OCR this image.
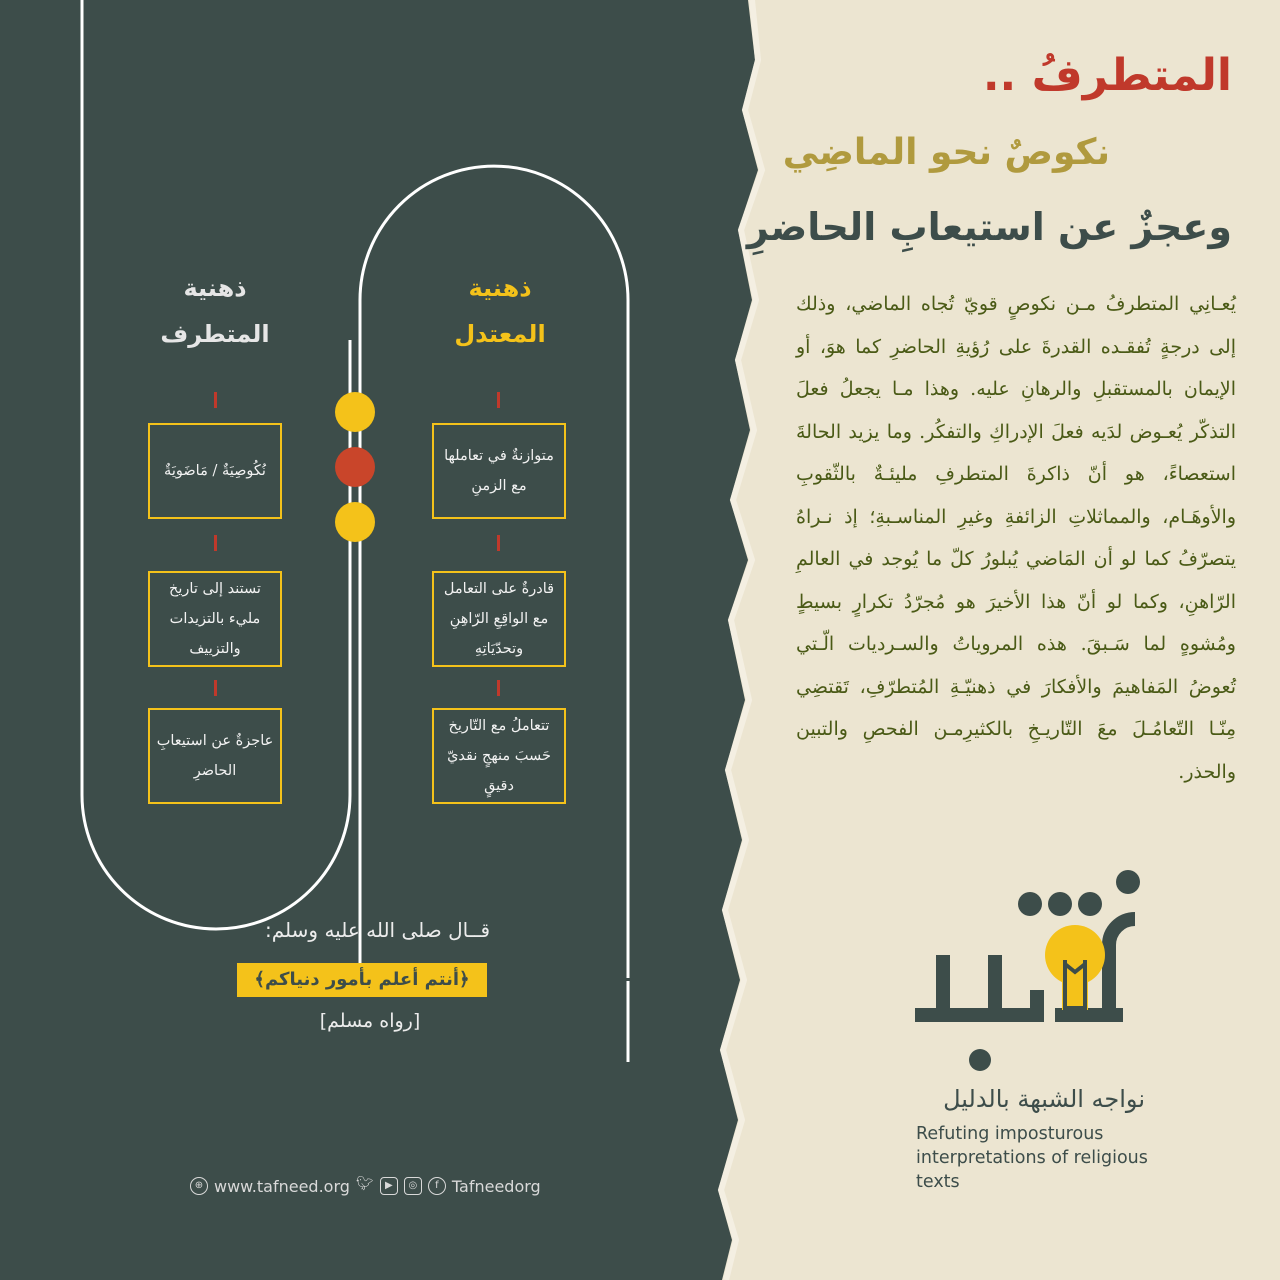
المتطرفُ ..
نكوصٌ نحو الماضِي
وعجزٌ عن استيعابِ الحاضرِ
يُعـانِي المتطرفُ مـن نكوصٍ قويّ تُجاه الماضي، وذلك إلى درجةٍ تُفقـده القدرةَ على رُؤيةِ الحاضرِ كما هوَ، أو الإيمان بالمستقبلِ والرهانِ عليه. وهذا مـا يجعلُ فعلَ التذكّر يُعـوض لدَيه فعلَ الإدراكِ والتفكُر. وما يزيد الحالةَ استعصاءً، هو أنّ ذاكرةَ المتطرفِ مليئـةٌ بالثّقوبِ والأوهَـام، والمماثلاتِ الزائفةِ وغيرِ المناسـبةِ؛ إذ نـراهُ يتصرّفُ كما لو أن المَاضي يُبلورُ كلّ ما يُوجد في العالمِ الرّاهنِ، وكما لو أنّ هذا الأخيرَ هو مُجرّدُ تكرارٍ بسيطٍ ومُشوهٍ لما سَـبقَ. هذه المروياتُ والسـرديات الّـتي تُعوضُ المَفاهيمَ والأفكارَ في ذهنيّـةِ المُتطرّفِ، تَقتضِي مِنّـا التّعامُـلَ معَ التّاريـخِ بالكثيرِمـن الفحصِ والتبين والحذر.
ذهنية
المعتدل
ذهنية
المتطرف
متوازنةٌ في تعاملها مع الزمنِ
قادرةٌ على التعامل مع الواقِعِ الرّاهِنِ وتحدّيَاتِهِ
تتعاملُ مع التّاريخ حَسبَ منهجٍ نقديّ دقيقٍ
نُكُوصِيَةٌ / مَاضَويَةٌ
تستند إلى تاريخ مليء بالتزيدات والتزييف
عاجزةٌ عن استيعابِ الحاضرِ
قــال صلى الله عليه وسلم:
﴿أنتم أعلم بأمور دنياكم﴾
[رواه مسلم]
⊕ www.tafneed.org 🐦︎	▶	◎	f Tafneedorg
نواجه الشبهة بالدليل
Refuting imposturous interpretations of religious texts
